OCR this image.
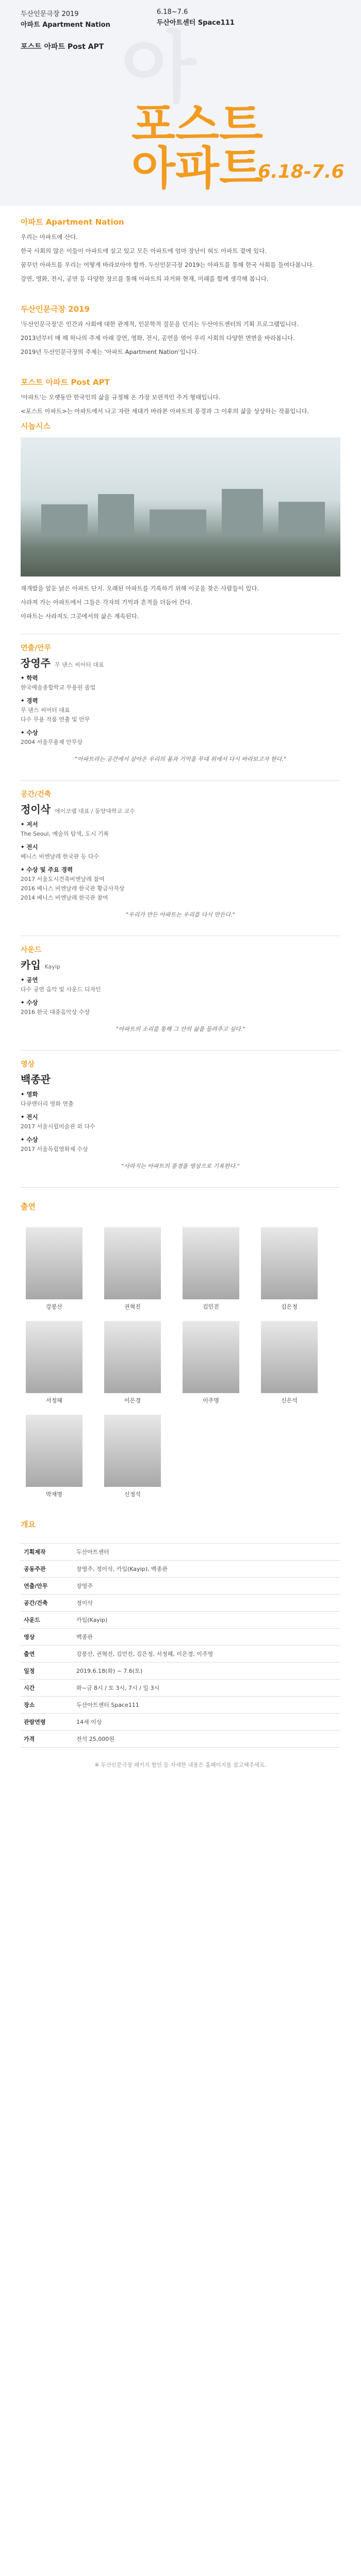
두산인문극장 2019
아파트 Apartment Nation
6.18~7.6
두산아트센터 Space111
포스트 아파트 Post APT 아
포스트
아파트
6.18-7.6
아파트 Apartment Nation

우리는 아파트에 산다.

한국 사회의 많은 이들이 아파트에 살고 있고 모든 아파트에 엄마 장난이 혀도 아파트 곁에 있다.

꿈꾸던 아파트를 우리는 어떻게 바라보아야 할까. 두산인문극장 2019는 아파트를 통해 한국 사회를 들여다봅니다.

강연, 영화, 전시, 공연 등 다양한 장르를 통해 아파트의 과거와 현재, 미래를 함께 생각해 봅니다.

두산인문극장 2019

'두산인문극장'은 인간과 사회에 대한 관계적, 인문학적 질문을 던지는 두산아트센터의 기획 프로그램입니다.

2013년부터 매 해 하나의 주제 아래 강연, 영화, 전시, 공연을 엮어 우리 사회의 다양한 면면을 바라봅니다.

2019년 두산인문극장의 주제는 '아파트 Apartment Nation'입니다.

포스트 아파트 Post APT

'아파트'는 오랫동안 한국인의 삶을 규정해 온 가장 보편적인 주거 형태입니다.

<포스트 아파트>는 아파트에서 나고 자란 세대가 바라본 아파트의 풍경과 그 이후의 삶을 상상하는 작품입니다.

시놉시스

재개발을 앞둔 낡은 아파트 단지. 오래된 아파트를 기록하기 위해 이곳을 찾은 사람들이 있다.

사라져 가는 아파트에서 그들은 각자의 기억과 흔적을 더듬어 간다.

아파트는 사라져도 그곳에서의 삶은 계속된다.

연출/안무
장영주 무 댄스 씨어터 대표
• 학력

한국예술종합학교 무용원 졸업

• 경력

무 댄스 씨어터 대표
다수 무용 작품 연출 및 안무

• 수상

2004 서울무용제 안무상

"아파트라는 공간에서 살아온 우리의 몸과 기억을 무대 위에서 다시 바라보고자 한다."

공간/건축
정이삭 에이코랩 대표 / 동양대학교 교수
• 저서

The Seoul, 예술의 탐색, 도시 기록

• 전시

베니스 비엔날레 한국관 등 다수

• 수상 및 주요 경력

2017 서울도시건축비엔날레 참여
2016 베니스 비엔날레 한국관 황금사자상
2014 베니스 비엔날레 한국관 참여

"우리가 만든 아파트는 우리를 다시 만든다."

사운드
카입 Kayip
• 공연

다수 공연 음악 및 사운드 디자인

• 수상

2016 한국 대중음악상 수상

"아파트의 소리를 통해 그 안의 삶을 들려주고 싶다."

영상
백종관
• 영화

다큐멘터리 영화 연출

• 전시

2017 서울시립미술관 외 다수

• 수상

2017 서울독립영화제 수상

"사라지는 아파트의 풍경을 영상으로 기록한다."

출연
강봉산	권혁진	김민진	김은정
서정혜	이은경	이주영	신은석
박재명	신정석
개요
기획제작	두산아트센터
공동주관	장영주, 정이삭, 카입(Kayip), 백종관
연출/안무	장영주
공간/건축	정이삭
사운드	카입(Kayip)
영상	백종관
출연	강봉산, 권혁진, 김민진, 김은정, 서정혜, 이은경, 이주영
일정	2019.6.18(화) ~ 7.6(토)
시간	화~금 8시 / 토 3시, 7시 / 일 3시
장소	두산아트센터 Space111
관람연령	14세 이상
가격	전석 25,000원
※ 두산인문극장 패키지 할인 등 자세한 내용은 홈페이지를 참고해주세요.
